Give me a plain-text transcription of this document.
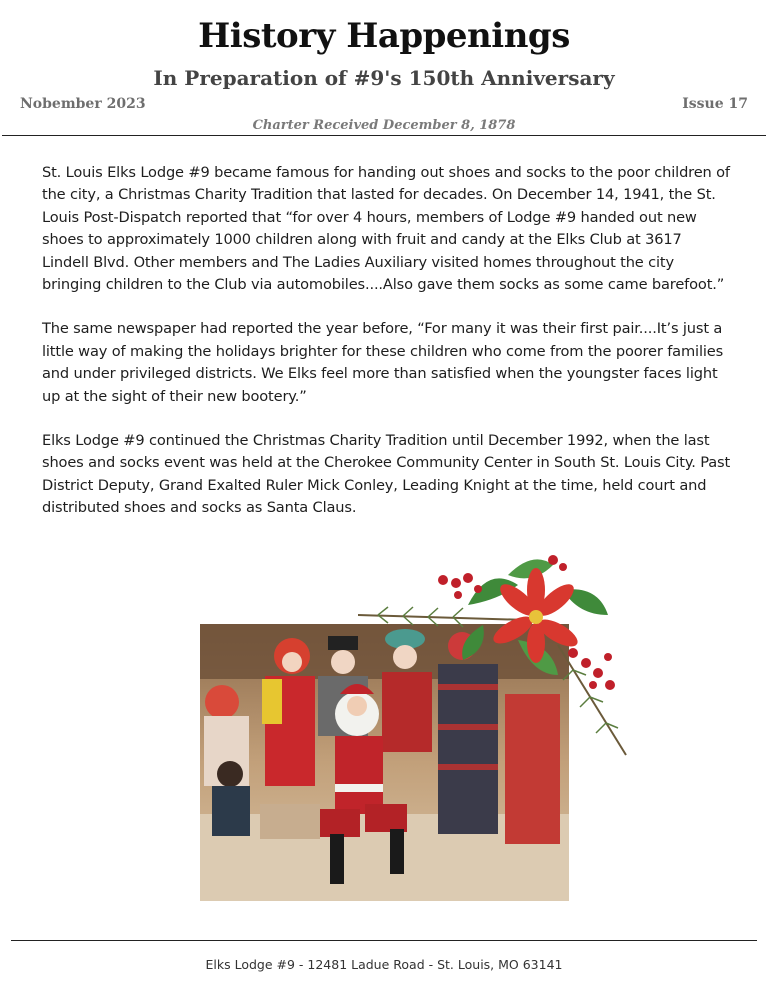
History Happenings
In Preparation of #9's 150th Anniversary
Nobember 2023	Issue 17
Charter Received December 8, 1878

St. Louis Elks Lodge #9 became famous for handing out shoes and socks to the poor children of the city, a Christmas Charity Tradition that lasted for decades. On December 14, 1941, the St. Louis Post-Dispatch reported that “for over 4 hours, members of Lodge #9 handed out new shoes to approximately 1000 children along with fruit and candy at the Elks Club at 3617 Lindell Blvd. Other members and The Ladies Auxiliary visited homes throughout the city bringing children to the Club via automobiles....Also gave them socks as some came barefoot.”

The same newspaper had reported the year before, “For many it was their first pair....It’s just a little way of making the holidays brighter for these children who come from the poorer families and under privileged districts. We Elks feel more than satisfied when the youngster faces light up at the sight of their new bootery.”

Elks Lodge #9 continued the Christmas Charity Tradition until December 1992, when the last shoes and socks event was held at the Cherokee Community Center in South St. Louis City. Past District Deputy, Grand Exalted Ruler Mick Conley, Leading Knight at the time, held court and distributed shoes and socks as Santa Claus.

Elks Lodge #9 - 12481 Ladue Road - St. Louis, MO 63141
